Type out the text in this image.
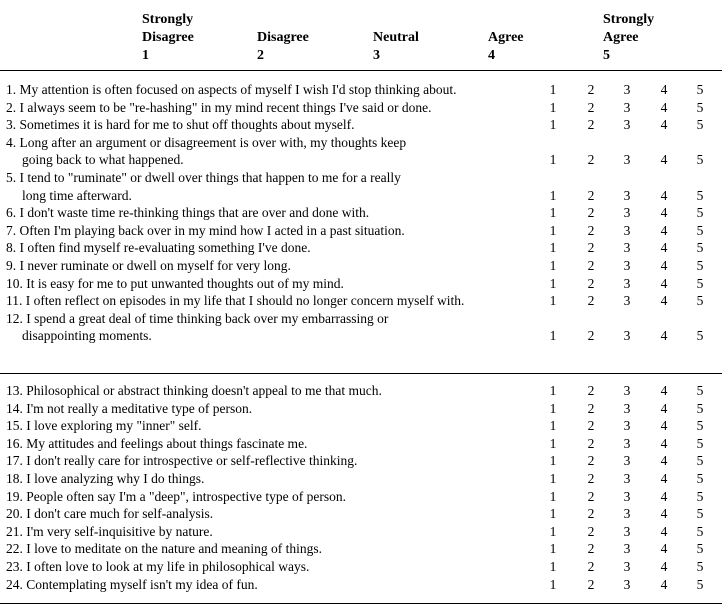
Strongly
Disagree
1
Disagree
2
Neutral
3
Agree
4
Strongly
Agree
5
1. My attention is often focused on aspects of myself I wish I'd stop thinking about.	1 2 3 4 5
2. I always seem to be "re-hashing" in my mind recent things I've said or done.	1 2 3 4 5
3. Sometimes it is hard for me to shut off thoughts about myself.	1 2 3 4 5
4. Long after an argument or disagreement is over with, my thoughts keep
going back to what happened.	1 2 3 4 5
5. I tend to "ruminate" or dwell over things that happen to me for a really
long time afterward.	1 2 3 4 5
6. I don't waste time re-thinking things that are over and done with.	1 2 3 4 5
7. Often I'm playing back over in my mind how I acted in a past situation.	1 2 3 4 5
8. I often find myself re-evaluating something I've done.	1 2 3 4 5
9. I never ruminate or dwell on myself for very long.	1 2 3 4 5
10. It is easy for me to put unwanted thoughts out of my mind.	1 2 3 4 5
11. I often reflect on episodes in my life that I should no longer concern myself with.	1 2 3 4 5
12. I spend a great deal of time thinking back over my embarrassing or
disappointing moments.	1 2 3 4 5
13. Philosophical or abstract thinking doesn't appeal to me that much.	1 2 3 4 5
14. I'm not really a meditative type of person.	1 2 3 4 5
15. I love exploring my "inner" self.	1 2 3 4 5
16. My attitudes and feelings about things fascinate me.	1 2 3 4 5
17. I don't really care for introspective or self-reflective thinking.	1 2 3 4 5
18. I love analyzing why I do things.	1 2 3 4 5
19. People often say I'm a "deep", introspective type of person.	1 2 3 4 5
20. I don't care much for self-analysis.	1 2 3 4 5
21. I'm very self-inquisitive by nature.	1 2 3 4 5
22. I love to meditate on the nature and meaning of things.	1 2 3 4 5
23. I often love to look at my life in philosophical ways.	1 2 3 4 5
24. Contemplating myself isn't my idea of fun.	1 2 3 4 5
